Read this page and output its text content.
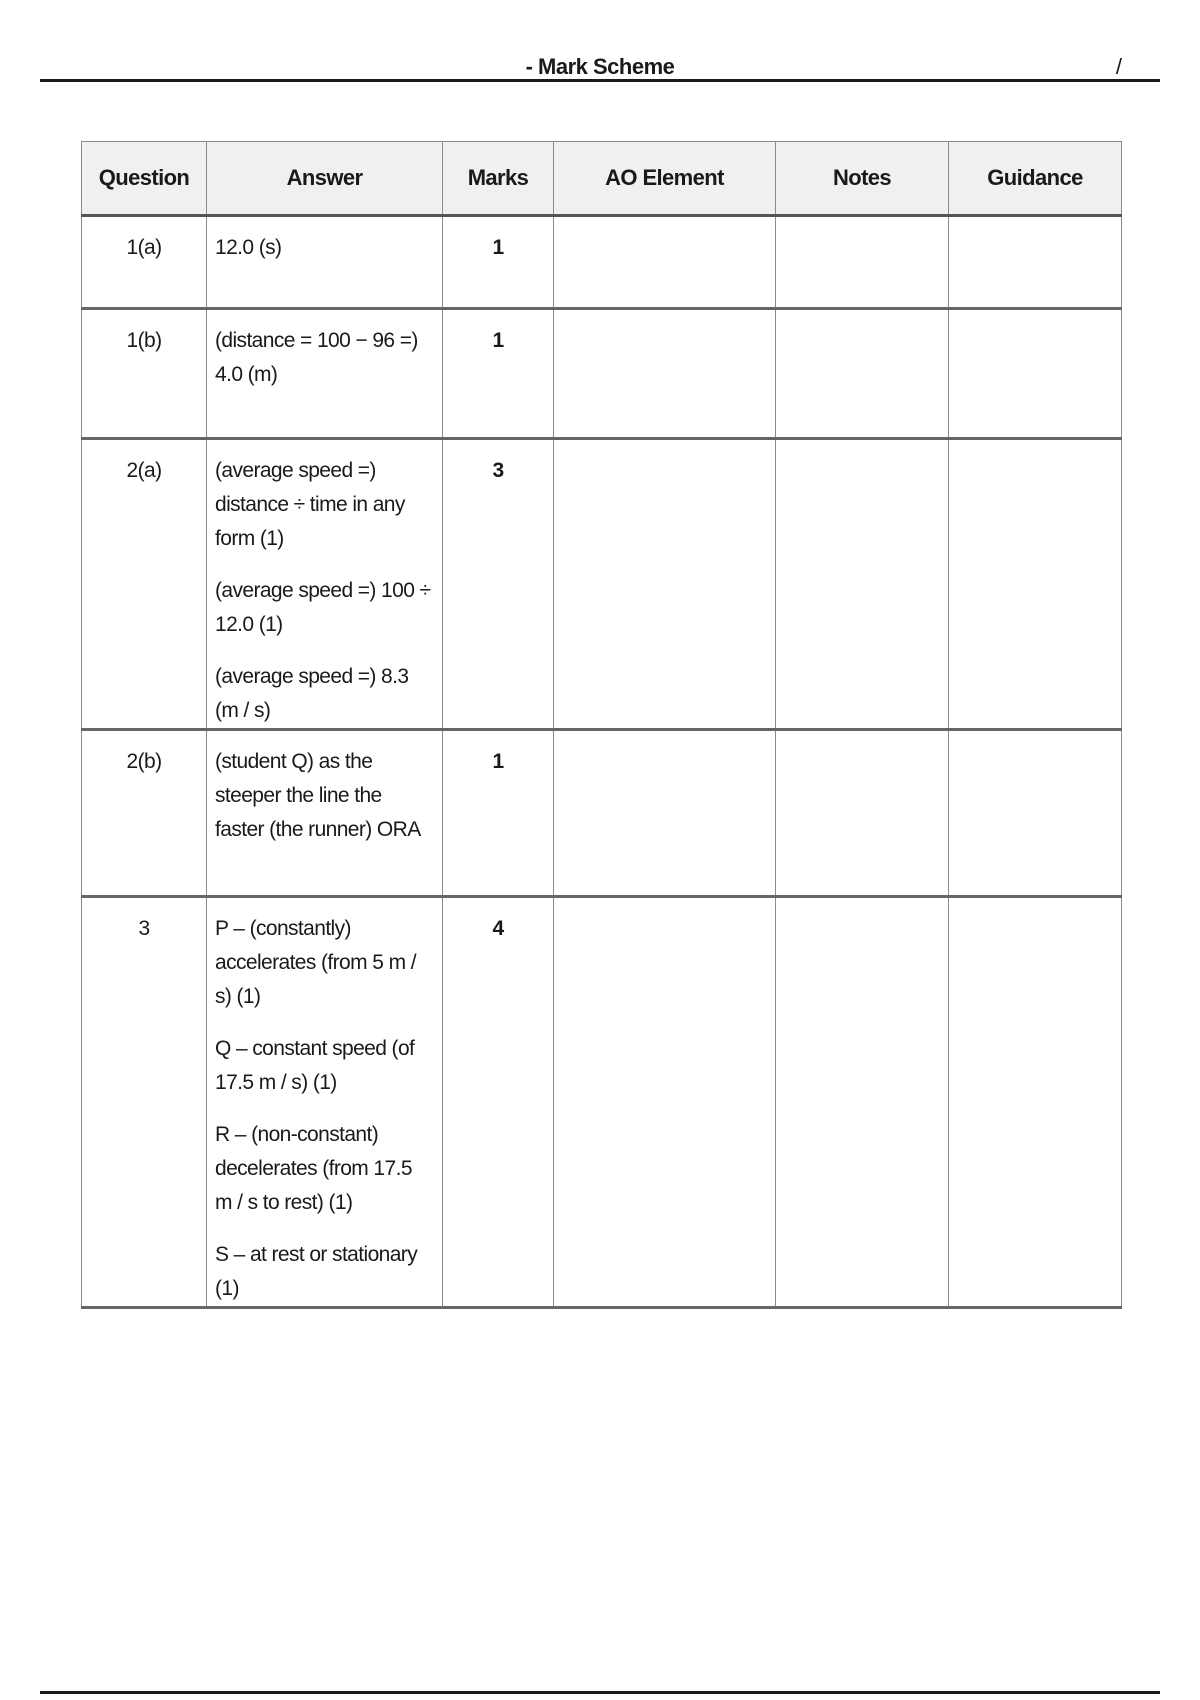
- Mark Scheme	/
Question	Answer	Marks	AO Element	Notes	Guidance
1(a)	12.0 (s)	1			
1(b)	(distance = 100 − 96 =) 4.0 (m)	1			
2(a)	(average speed =) distance ÷ time in any form (1)
(average speed =) 100 ÷ 12.0 (1)
(average speed =) 8.3 (m / s)	3			
2(b)	(student Q) as the steeper the line the faster (the runner) ORA	1			
3	P – (constantly) accelerates (from 5 m / s) (1)
Q – constant speed (of 17.5 m / s) (1)
R – (non-constant) decelerates (from 17.5 m / s to rest) (1)
S – at rest or stationary (1)	4			
